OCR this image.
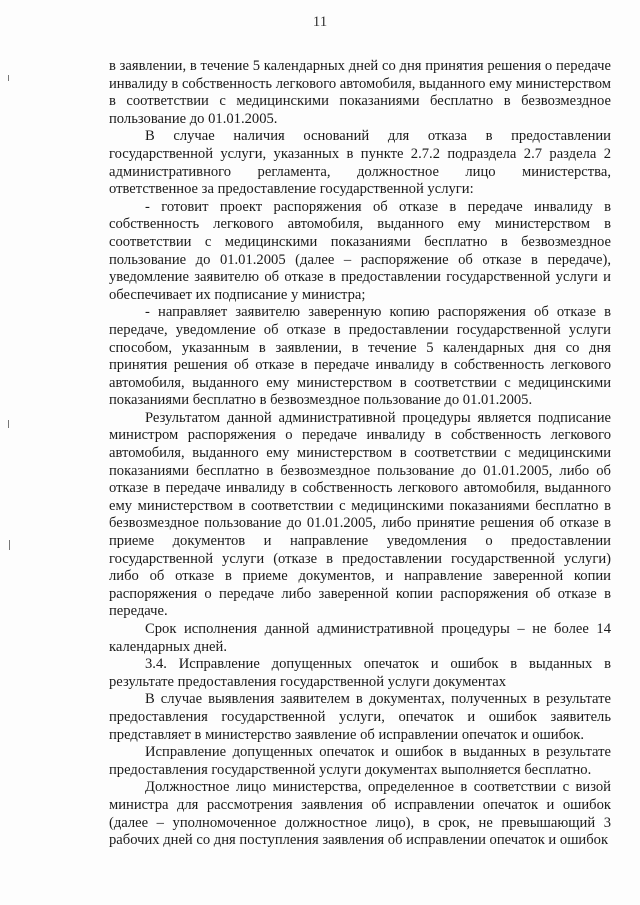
11

в заявлении, в течение 5 календарных дней со дня принятия решения о передаче инвалиду в собственность легкового автомобиля, выданного ему министерством в соответствии с медицинскими показаниями бесплатно в безвозмездное пользование до 01.01.2005.

В случае наличия оснований для отказа в предоставлении государственной услуги, указанных в пункте 2.7.2 подраздела 2.7 раздела 2 административного регламента, должностное лицо министерства, ответственное за предоставление государственной услуги:

- готовит проект распоряжения об отказе в передаче инвалиду в собственность легкового автомобиля, выданного ему министерством в соответствии с медицинскими показаниями бесплатно в безвозмездное пользование до 01.01.2005 (далее – распоряжение об отказе в передаче), уведомление заявителю об отказе в предоставлении государственной услуги и обеспечивает их подписание у министра;

- направляет заявителю заверенную копию распоряжения об отказе в передаче, уведомление об отказе в предоставлении государственной услуги способом, указанным в заявлении, в течение 5 календарных дня со дня принятия решения об отказе в передаче инвалиду в собственность легкового автомобиля, выданного ему министерством в соответствии с медицинскими показаниями бесплатно в безвозмездное пользование до 01.01.2005.

Результатом данной административной процедуры является подписание министром распоряжения о передаче инвалиду в собственность легкового автомобиля, выданного ему министерством в соответствии с медицинскими показаниями бесплатно в безвозмездное пользование до 01.01.2005, либо об отказе в передаче инвалиду в собственность легкового автомобиля, выданного ему министерством в соответствии с медицинскими показаниями бесплатно в безвозмездное пользование до 01.01.2005, либо принятие решения об отказе в приеме документов и направление уведомления о предоставлении государственной услуги (отказе в предоставлении государственной услуги) либо об отказе в приеме документов, и направление заверенной копии распоряжения о передаче либо заверенной копии распоряжения об отказе в передаче.

Срок исполнения данной административной процедуры – не более 14 календарных дней.

3.4. Исправление допущенных опечаток и ошибок в выданных в результате предоставления государственной услуги документах

В случае выявления заявителем в документах, полученных в результате предоставления государственной услуги, опечаток и ошибок заявитель представляет в министерство заявление об исправлении опечаток и ошибок.

Исправление допущенных опечаток и ошибок в выданных в результате предоставления государственной услуги документах выполняется бесплатно.

Должностное лицо министерства, определенное в соответствии с визой министра для рассмотрения заявления об исправлении опечаток и ошибок (далее – уполномоченное должностное лицо), в срок, не превышающий 3 рабочих дней со дня поступления заявления об исправлении опечаток и ошибок
